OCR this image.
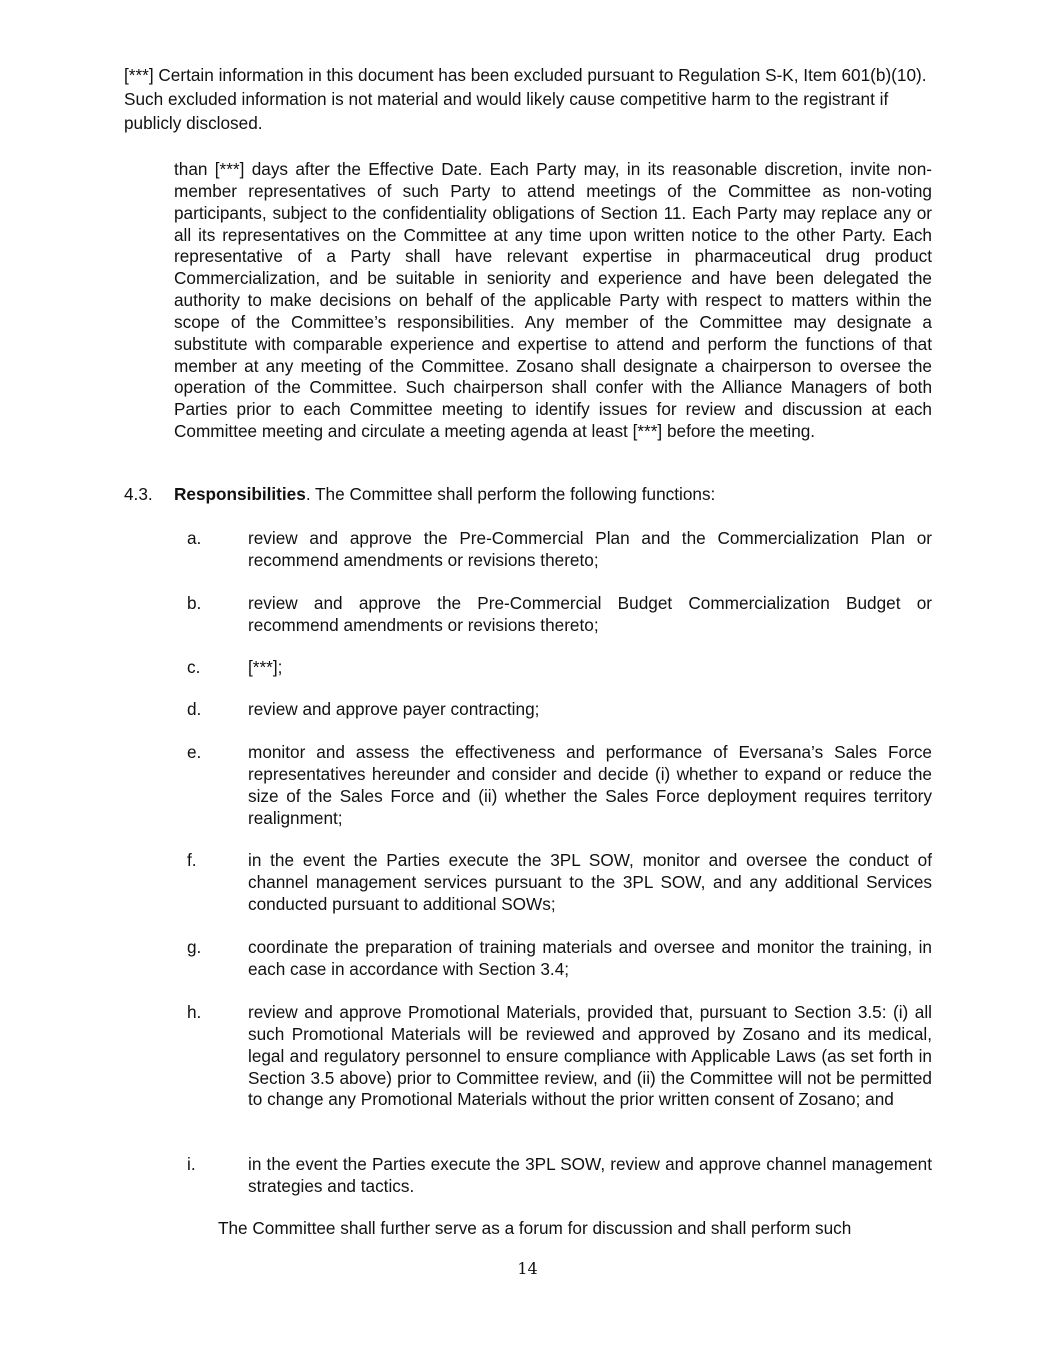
[***] Certain information in this document has been excluded pursuant to Regulation S-K, Item 601(b)(10). Such excluded information is not material and would likely cause competitive harm to the registrant if publicly disclosed.
than [***] days after the Effective Date. Each Party may, in its reasonable discretion, invite non-member representatives of such Party to attend meetings of the Committee as non-voting participants, subject to the confidentiality obligations of Section 11. Each Party may replace any or all its representatives on the Committee at any time upon written notice to the other Party. Each representative of a Party shall have relevant expertise in pharmaceutical drug product Commercialization, and be suitable in seniority and experience and have been delegated the authority to make decisions on behalf of the applicable Party with respect to matters within the scope of the Committee’s responsibilities. Any member of the Committee may designate a substitute with comparable experience and expertise to attend and perform the functions of that member at any meeting of the Committee. Zosano shall designate a chairperson to oversee the operation of the Committee. Such chairperson shall confer with the Alliance Managers of both Parties prior to each Committee meeting to identify issues for review and discussion at each Committee meeting and circulate a meeting agenda at least [***] before the meeting.
4.3. Responsibilities. The Committee shall perform the following functions:
a.	review and approve the Pre-Commercial Plan and the Commercialization Plan or recommend amendments or revisions thereto;
b.	review and approve the Pre-Commercial Budget Commercialization Budget or recommend amendments or revisions thereto;
c.	[***];
d.	review and approve payer contracting;
e.	monitor and assess the effectiveness and performance of Eversana’s Sales Force representatives hereunder and consider and decide (i) whether to expand or reduce the size of the Sales Force and (ii) whether the Sales Force deployment requires territory realignment;
f.	in the event the Parties execute the 3PL SOW, monitor and oversee the conduct of channel management services pursuant to the 3PL SOW, and any additional Services conducted pursuant to additional SOWs;
g.	coordinate the preparation of training materials and oversee and monitor the training, in each case in accordance with Section 3.4;
h.	review and approve Promotional Materials, provided that, pursuant to Section 3.5: (i) all such Promotional Materials will be reviewed and approved by Zosano and its medical, legal and regulatory personnel to ensure compliance with Applicable Laws (as set forth in Section 3.5 above) prior to Committee review, and (ii) the Committee will not be permitted to change any Promotional Materials without the prior written consent of Zosano; and
i.	in the event the Parties execute the 3PL SOW, review and approve channel management strategies and tactics.
The Committee shall further serve as a forum for discussion and shall perform such
14
